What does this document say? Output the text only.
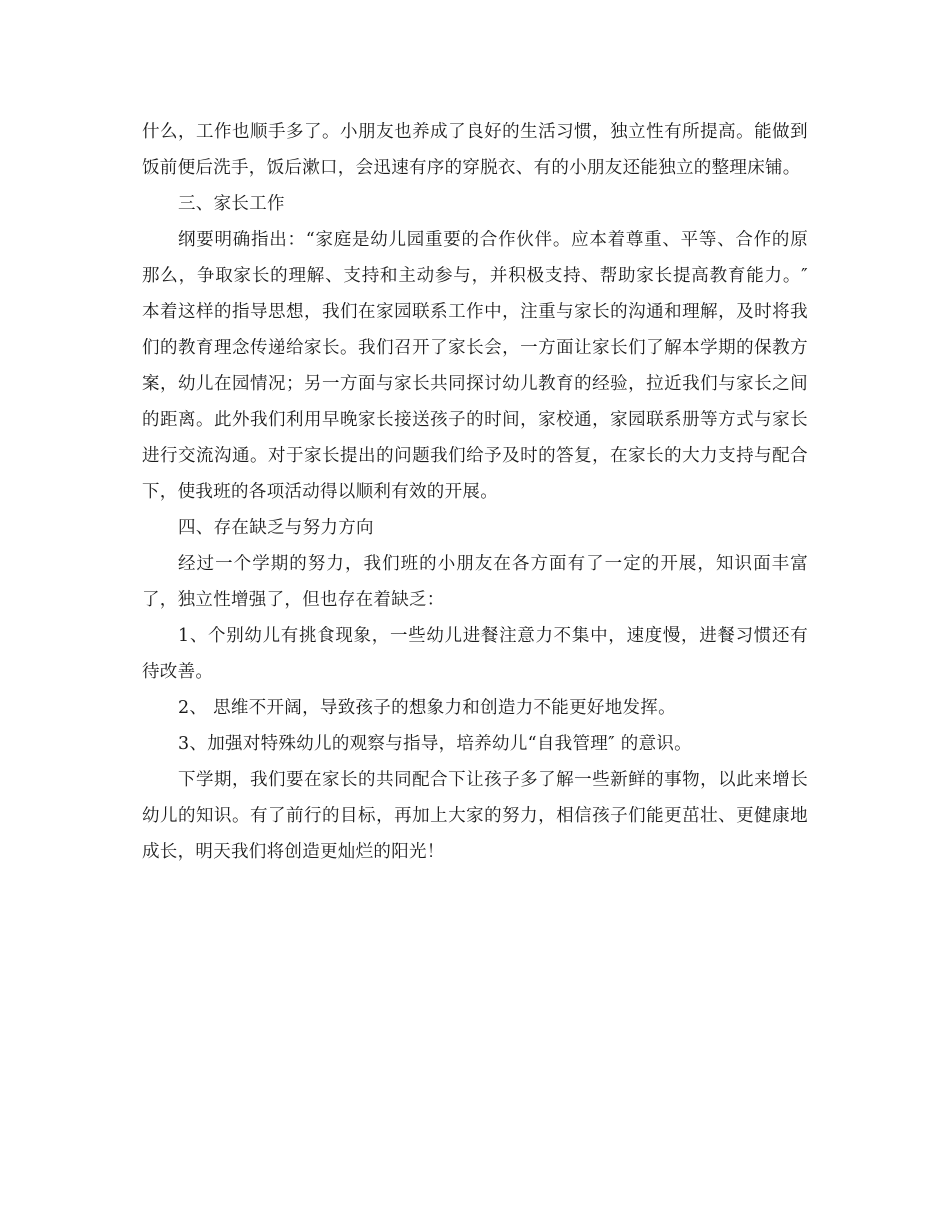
什么，工作也顺手多了。小朋友也养成了良好的生活习惯，独立性有所提高。能做到饭前便后洗手，饭后漱口，会迅速有序的穿脱衣、有的小朋友还能独立的整理床铺。

三、家长工作

纲要明确指出：“家庭是幼儿园重要的合作伙伴。应本着尊重、平等、合作的原那么，争取家长的理解、支持和主动参与，并积极支持、帮助家长提高教育能力。″ 本着这样的指导思想，我们在家园联系工作中，注重与家长的沟通和理解，及时将我们的教育理念传递给家长。我们召开了家长会，一方面让家长们了解本学期的保教方案，幼儿在园情况；另一方面与家长共同探讨幼儿教育的经验，拉近我们与家长之间的距离。此外我们利用早晚家长接送孩子的时间，家校通，家园联系册等方式与家长进行交流沟通。对于家长提出的问题我们给予及时的答复，在家长的大力支持与配合下，使我班的各项活动得以顺利有效的开展。

四、存在缺乏与努力方向

经过一个学期的努力，我们班的小朋友在各方面有了一定的开展，知识面丰富了，独立性增强了，但也存在着缺乏：

1、个别幼儿有挑食现象，一些幼儿进餐注意力不集中，速度慢，进餐习惯还有待改善。

2、 思维不开阔，导致孩子的想象力和创造力不能更好地发挥。

3、加强对特殊幼儿的观察与指导，培养幼儿“自我管理″ 的意识。

下学期，我们要在家长的共同配合下让孩子多了解一些新鲜的事物，以此来增长幼儿的知识。有了前行的目标，再加上大家的努力，相信孩子们能更茁壮、更健康地成长，明天我们将创造更灿烂的阳光！
